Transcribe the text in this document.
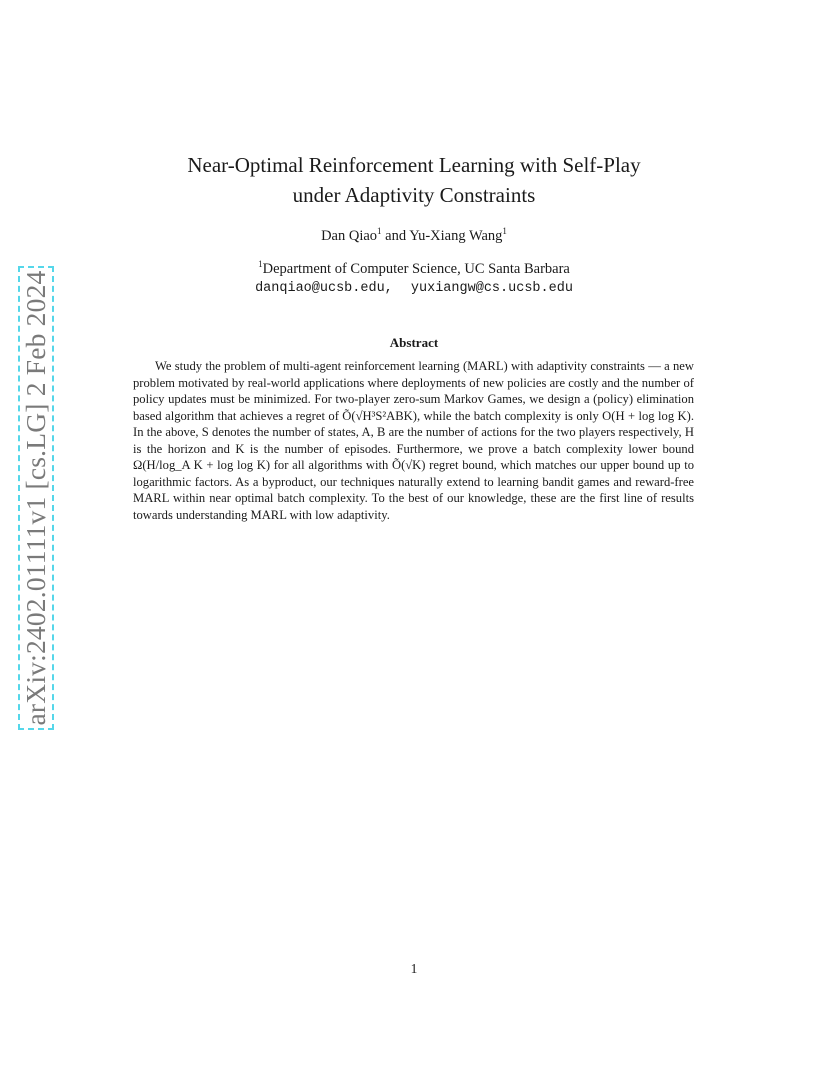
arXiv:2402.01111v1 [cs.LG] 2 Feb 2024
Near-Optimal Reinforcement Learning with Self-Play
under Adaptivity Constraints
Dan Qiao$^1$ and Yu-Xiang Wang$^1$
$^1$Department of Computer Science, UC Santa Barbara
danqiao@ucsb.edu, yuxiangw@cs.ucsb.edu
Abstract

We study the problem of multi-agent reinforcement learning (MARL) with adaptivity constraints — a new problem motivated by real-world applications where deployments of new policies are costly and the number of policy updates must be minimized. For two-player zero-sum Markov Games, we design a (policy) elimination based algorithm that achieves a regret of Õ(√H³S²ABK), while the batch complexity is only O(H + log log K). In the above, S denotes the number of states, A, B are the number of actions for the two players respectively, H is the horizon and K is the number of episodes. Furthermore, we prove a batch complexity lower bound Ω(H/log_A K + log log K) for all algorithms with Õ(√K) regret bound, which matches our upper bound up to logarithmic factors. As a byproduct, our techniques naturally extend to learning bandit games and reward-free MARL within near optimal batch complexity. To the best of our knowledge, these are the first line of results towards understanding MARL with low adaptivity.

1
